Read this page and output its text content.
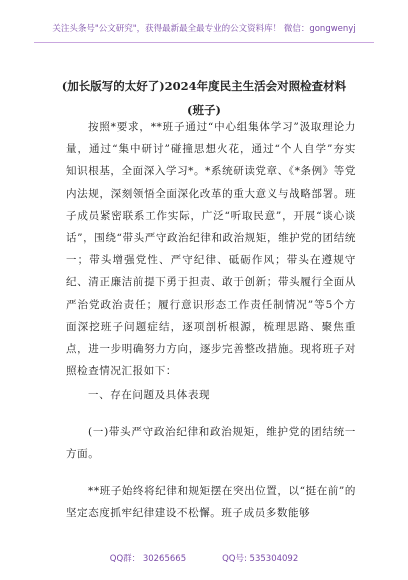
关注头条号"公文研究"，获得最新最全最专业的公文资料库！ 微信：gongwenyj
(加长版写的太好了)2024年度民主生活会对照检查材料
(班子)

按照*要求，**班子通过“中心组集体学习”汲取理论力量，通过“集中研讨”碰撞思想火花，通过“个人自学”夯实知识根基，全面深入学习*。*系统研读党章、《*条例》等党内法规，深刻领悟全面深化改革的重大意义与战略部署。班子成员紧密联系工作实际，广泛“听取民意”，开展“谈心谈话”，围绕“带头严守政治纪律和政治规矩，维护党的团结统一；带头增强党性、严守纪律、砥砺作风；带头在遵规守纪、清正廉洁前提下勇于担责、敢于创新；带头履行全面从严治党政治责任；履行意识形态工作责任制情况”等5个方面深挖班子问题症结，逐项剖析根源，梳理思路、聚焦重点，进一步明确努力方向，逐步完善整改措施。现将班子对照检查情况汇报如下：

一、存在问题及具体表现

(一)带头严守政治纪律和政治规矩，维护党的团结统一方面。

**班子始终将纪律和规矩摆在突出位置，以“挺在前”的坚定态度抓牢纪律建设不松懈。班子成员多数能够

QQ群： 30265665	QQ号: 535304092
